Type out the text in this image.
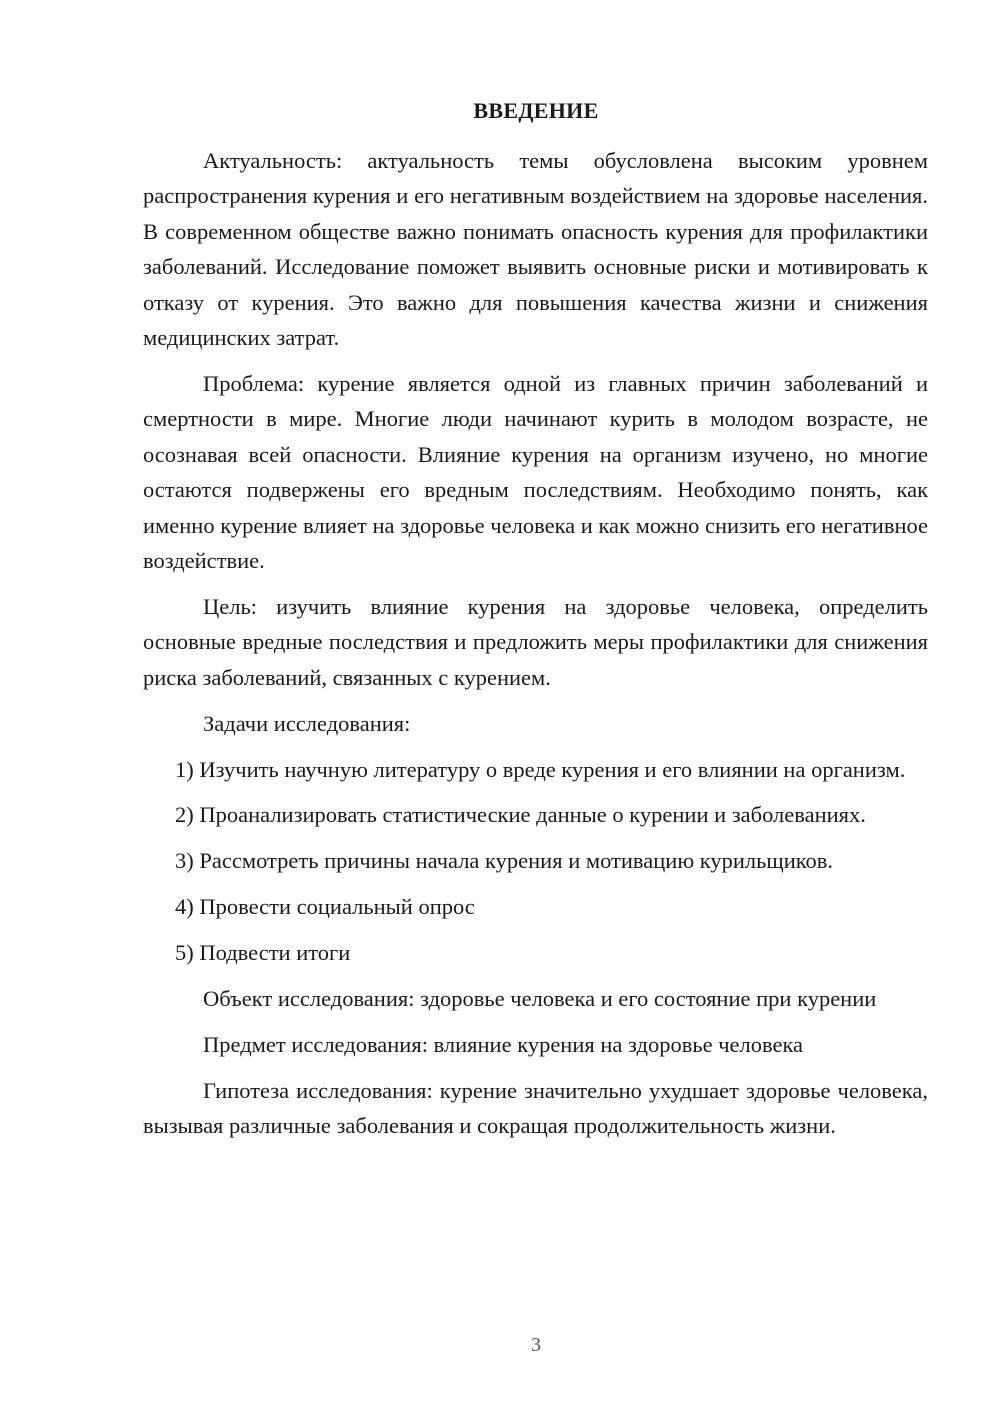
ВВЕДЕНИЕ

Актуальность: актуальность темы обусловлена высоким уровнем распространения курения и его негативным воздействием на здоровье населения. В современном обществе важно понимать опасность курения для профилактики заболеваний. Исследование поможет выявить основные риски и мотивировать к отказу от курения. Это важно для повышения качества жизни и снижения медицинских затрат.

Проблема: курение является одной из главных причин заболеваний и смертности в мире. Многие люди начинают курить в молодом возрасте, не осознавая всей опасности. Влияние курения на организм изучено, но многие остаются подвержены его вредным последствиям. Необходимо понять, как именно курение влияет на здоровье человека и как можно снизить его негативное воздействие.

Цель: изучить влияние курения на здоровье человека, определить основные вредные последствия и предложить меры профилактики для снижения риска заболеваний, связанных с курением.

Задачи исследования:

1) Изучить научную литературу о вреде курения и его влиянии на организм.

2) Проанализировать статистические данные о курении и заболеваниях.

3) Рассмотреть причины начала курения и мотивацию курильщиков.

4) Провести социальный опрос

5) Подвести итоги

Объект исследования: здоровье человека и его состояние при курении

Предмет исследования: влияние курения на здоровье человека

Гипотеза исследования: курение значительно ухудшает здоровье человека, вызывая различные заболевания и сокращая продолжительность жизни.

3
